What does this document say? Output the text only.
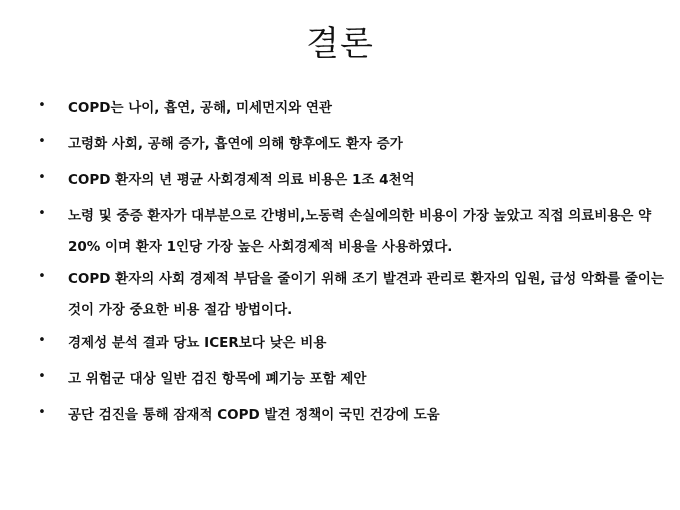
결론
• COPD는 나이, 흡연, 공해, 미세먼지와 연관
• 고령화 사회, 공해 증가, 흡연에 의해 향후에도 환자 증가
• COPD 환자의 년 평균 사회경제적 의료 비용은 1조 4천억
• 노령 및 중증 환자가 대부분으로 간병비,노동력 손실에의한 비용이 가장 높았고 직접 의료비용은 약 20% 이며 환자 1인당 가장 높은 사회경제적 비용을 사용하였다.
• COPD 환자의 사회 경제적 부담을 줄이기 위해 조기 발견과 관리로 환자의 입원, 급성 악화를 줄이는 것이 가장 중요한 비용 절감 방법이다.
• 경제성 분석 결과 당뇨 ICER보다 낮은 비용
• 고 위험군 대상 일반 검진 항목에 폐기능 포함 제안
• 공단 검진을 통해 잠재적 COPD 발견 정책이 국민 건강에 도움
